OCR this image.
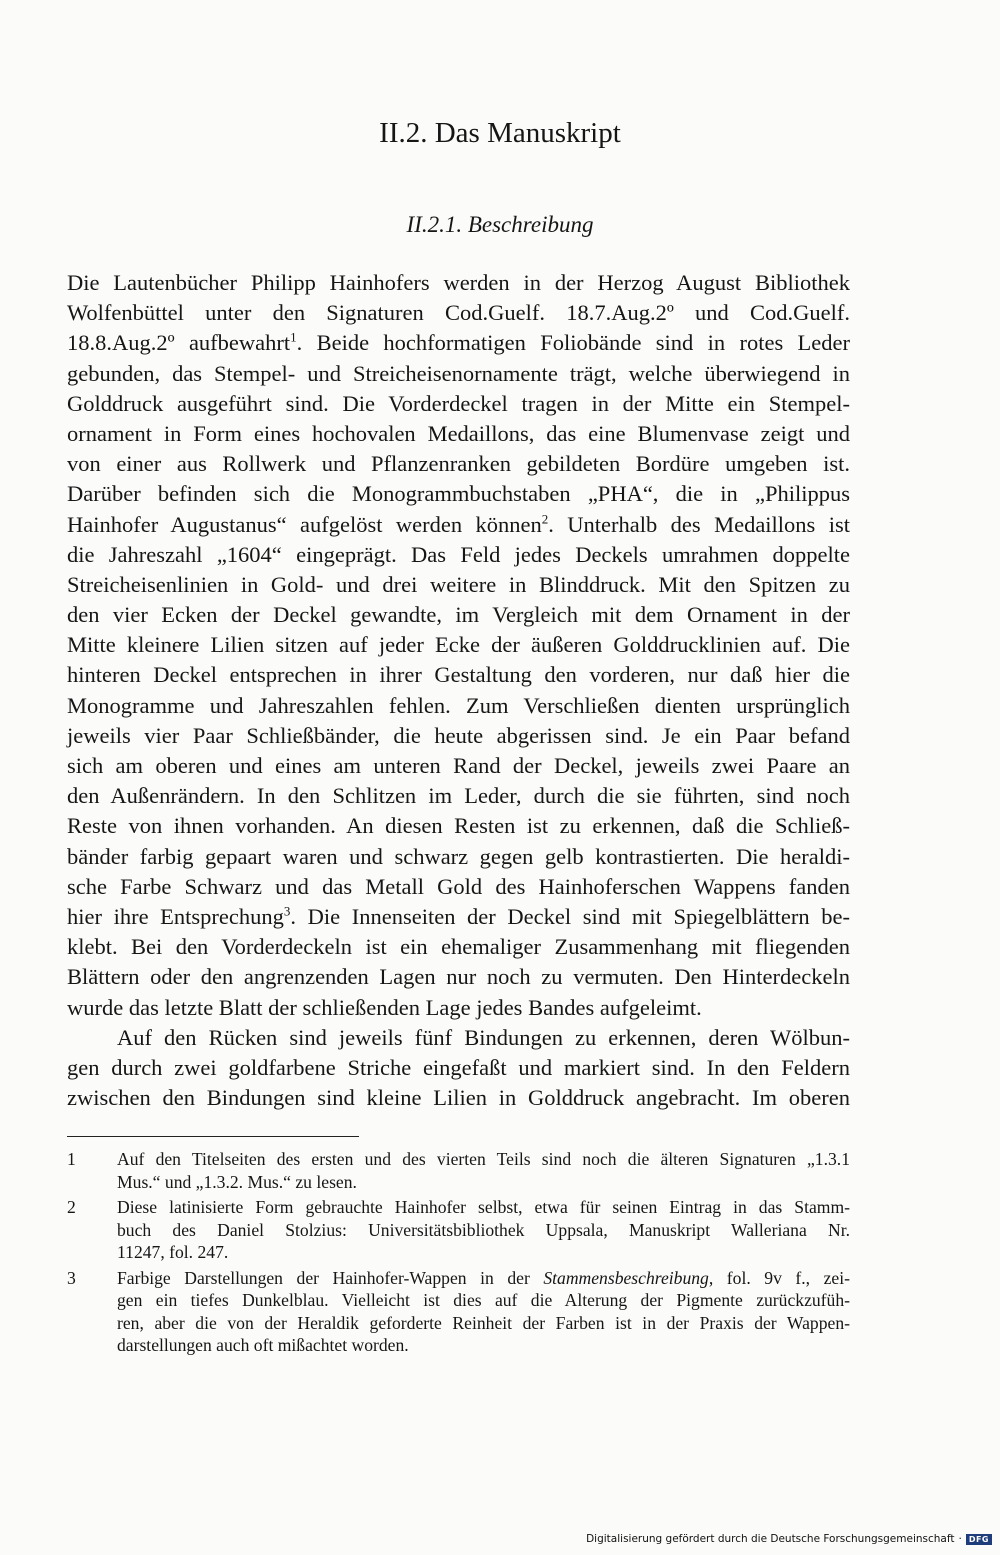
II.2. Das Manuskript
II.2.1. Beschreibung
Die Lautenbücher Philipp Hainhofers werden in der Herzog August Bibliothek
Wolfenbüttel unter den Signaturen Cod.Guelf. 18.7.Aug.2º und Cod.Guelf.
18.8.Aug.2º aufbewahrt$^1$. Beide hochformatigen Foliobände sind in rotes Leder
gebunden, das Stempel- und Streicheisenornamente trägt, welche überwiegend in
Golddruck ausgeführt sind. Die Vorderdeckel tragen in der Mitte ein Stempel-
ornament in Form eines hochovalen Medaillons, das eine Blumenvase zeigt und
von einer aus Rollwerk und Pflanzenranken gebildeten Bordüre umgeben ist.
Darüber befinden sich die Monogrammbuchstaben „PHA“, die in „Philippus
Hainhofer Augustanus“ aufgelöst werden können$^2$. Unterhalb des Medaillons ist
die Jahreszahl „1604“ eingeprägt. Das Feld jedes Deckels umrahmen doppelte
Streicheisenlinien in Gold- und drei weitere in Blinddruck. Mit den Spitzen zu
den vier Ecken der Deckel gewandte, im Vergleich mit dem Ornament in der
Mitte kleinere Lilien sitzen auf jeder Ecke der äußeren Golddrucklinien auf. Die
hinteren Deckel entsprechen in ihrer Gestaltung den vorderen, nur daß hier die
Monogramme und Jahreszahlen fehlen. Zum Verschließen dienten ursprünglich
jeweils vier Paar Schließbänder, die heute abgerissen sind. Je ein Paar befand
sich am oberen und eines am unteren Rand der Deckel, jeweils zwei Paare an
den Außenrändern. In den Schlitzen im Leder, durch die sie führten, sind noch
Reste von ihnen vorhanden. An diesen Resten ist zu erkennen, daß die Schließ-
bänder farbig gepaart waren und schwarz gegen gelb kontrastierten. Die heraldi-
sche Farbe Schwarz und das Metall Gold des Hainhoferschen Wappens fanden
hier ihre Entsprechung$^3$. Die Innenseiten der Deckel sind mit Spiegelblättern be-
klebt. Bei den Vorderdeckeln ist ein ehemaliger Zusammenhang mit fliegenden
Blättern oder den angrenzenden Lagen nur noch zu vermuten. Den Hinterdeckeln
wurde das letzte Blatt der schließenden Lage jedes Bandes aufgeleimt.
Auf den Rücken sind jeweils fünf Bindungen zu erkennen, deren Wölbun-
gen durch zwei goldfarbene Striche eingefaßt und markiert sind. In den Feldern
zwischen den Bindungen sind kleine Lilien in Golddruck angebracht. Im oberen
1 Auf den Titelseiten des ersten und des vierten Teils sind noch die älteren Signaturen „1.3.1
Mus.“ und „1.3.2. Mus.“ zu lesen.
2 Diese latinisierte Form gebrauchte Hainhofer selbst, etwa für seinen Eintrag in das Stamm-
buch des Daniel Stolzius: Universitätsbibliothek Uppsala, Manuskript Walleriana Nr.
11247, fol. 247.
3 Farbige Darstellungen der Hainhofer-Wappen in der Stammensbeschreibung, fol. 9v f., zei-
gen ein tiefes Dunkelblau. Vielleicht ist dies auf die Alterung der Pigmente zurückzufüh-
ren, aber die von der Heraldik geforderte Reinheit der Farben ist in der Praxis der Wappen-
darstellungen auch oft mißachtet worden.
Digitalisierung gefördert durch die Deutsche Forschungsgemeinschaft · DFG
